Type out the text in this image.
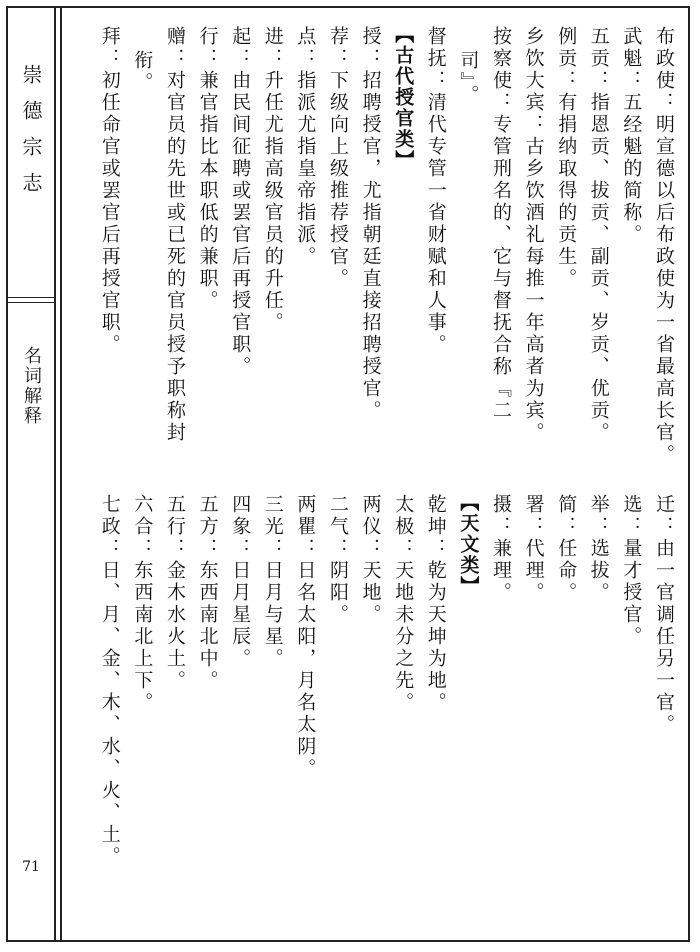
崇德宗志
名词解释
71
布政使：明宣德以后布政使为一省最高长官。
武魁：五经魁的简称。
五贡：指恩贡、拔贡、副贡、岁贡、优贡。
例贡：有捐纳取得的贡生。
乡饮大宾：古乡饮酒礼每推一年高者为宾。
按察使：专管刑名的、它与督抚合称『二
司』。
督抚：清代专管一省财赋和人事。
【古代授官类】
授：招聘授官，尤指朝廷直接招聘授官。
荐：下级向上级推荐授官。
点：指派尤指皇帝指派。
进：升任尤指高级官员的升任。
起：由民间征聘或罢官后再授官职。
行：兼官指比本职低的兼职。
赠：对官员的先世或已死的官员授予职称封
衔。
拜：初任命官或罢官后再授官职。
迁：由一官调任另一官。
选：量才授官。
举：选拔。
简：任命。
署：代理。
摄：兼理。
【天文类】
乾坤：乾为天坤为地。
太极：天地未分之先。
两仪：天地。
二气：阴阳。
两瞿：日名太阳，月名太阴。
三光：日月与星。
四象：日月星辰。
五方：东西南北中。
五行：金木水火土。
六合：东西南北上下。
七政：日、月、金、木、水、火、土。
